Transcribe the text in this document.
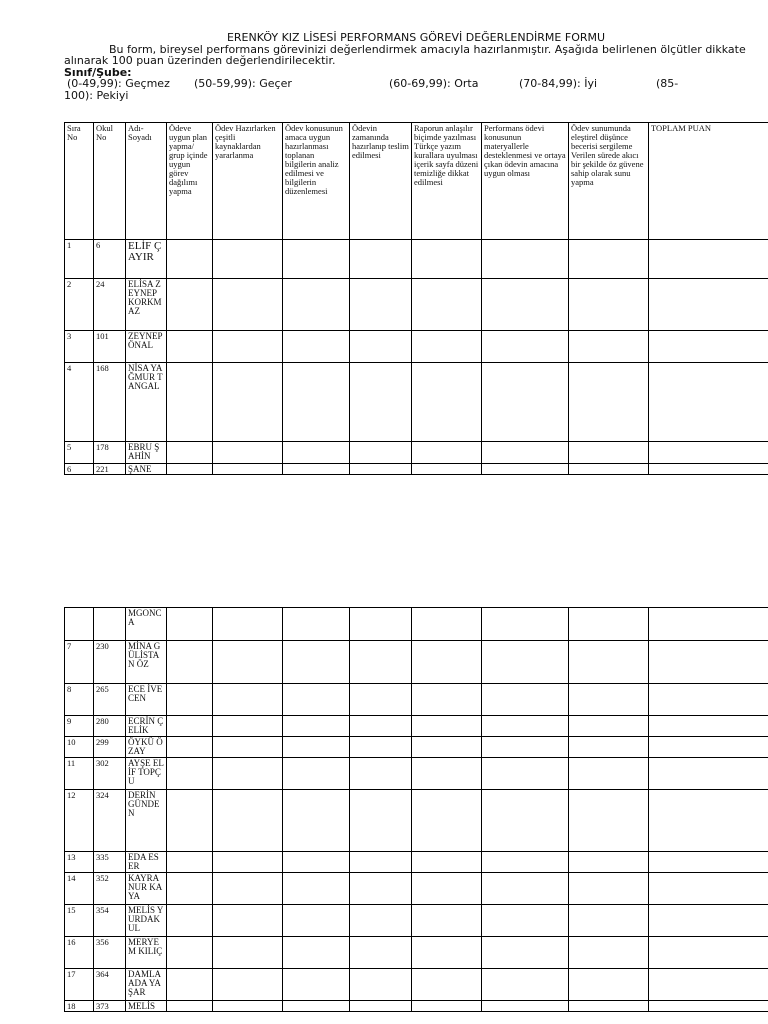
ERENKÖY KIZ LİSESİ PERFORMANS GÖREVİ DEĞERLENDİRME FORMU
Bu form, bireysel performans görevinizi değerlendirmek amacıyla hazırlanmıştır. Aşağıda belirlenen ölçütler dikkate alınarak 100 puan üzerinden değerlendirilecektir.
Sınıf/Şube:
(0-49,99): Geçmez (50-59,99): Geçer	(60-69,99): Orta	(70-84,99): İyi	(85-
100): Pekiyi
Sıra No	Okul No	Adı-Soyadı	Ödeve uygun plan yapma/ grup içinde uygun görev dağılımı yapma	Ödev Hazırlarken çeşitli kaynaklardan yararlanma	Ödev konusunun amaca uygun hazırlanması toplanan bilgilerin analiz edilmesi ve bilgilerin düzenlemesi	Ödevin zamanında hazırlanıp teslim edilmesi	Raporun anlaşılır biçimde yazılması Türkçe yazım kurallara uyulması içerik sayfa düzeni temizliğe dikkat edilmesi	Performans ödevi konusunun materyallerle desteklenmesi ve ortaya çıkan ödevin amacına uygun olması	Ödev sunumunda eleştirel düşünce becerisi sergileme Verilen sürede akıcı bir şekilde öz güvene sahip olarak sunu yapma	TOPLAM PUAN
1	6	ELİF ÇAYIR								
2	24	ELİSA ZEYNEP KORKMAZ								
3	101	ZEYNEP ÖNAL								
4	168	NİSA YAĞMUR TANGAL								
5	178	EBRU ŞAHİN								
6	221	ŞANE								
		MGONCA								
7	230	MİNA GÜLİSTAN ÖZ								
8	265	ECE İVECEN								
9	280	ECRİN ÇELİK								
10	299	ÖYKÜ ÖZAY								
11	302	AYŞE ELİF TOPÇU								
12	324	DERİN GÜNDEN								
13	335	EDA ESER								
14	352	KAYRA NUR KAYA								
15	354	MELİS YURDAKUL								
16	356	MERYEM KILIÇ								
17	364	DAMLA ADA YAŞAR								
18	373	MELİS								
